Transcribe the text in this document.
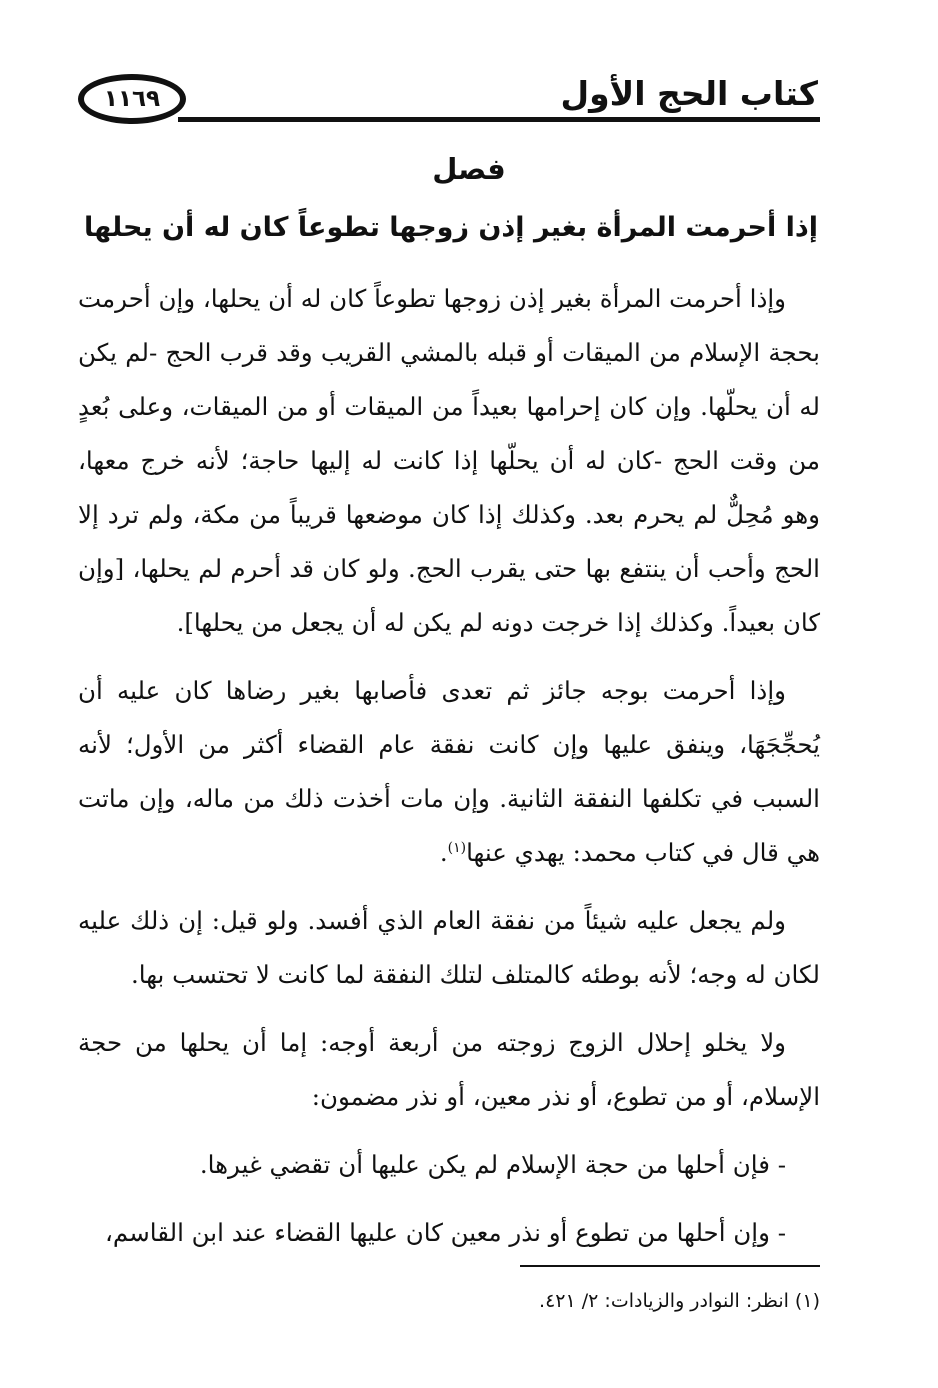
١١٦٩	كتاب الحج الأول
فصل
إذا أحرمت المرأة بغير إذن زوجها تطوعاً كان له أن يحلها

وإذا أحرمت المرأة بغير إذن زوجها تطوعاً كان له أن يحلها، وإن أحرمت بحجة الإسلام من الميقات أو قبله بالمشي القريب وقد قرب الحج -لم يكن له أن يحلّها. وإن كان إحرامها بعيداً من الميقات أو من الميقات، وعلى بُعدٍ من وقت الحج -كان له أن يحلّها إذا كانت له إليها حاجة؛ لأنه خرج معها، وهو مُحِلٌّ لم يحرم بعد. وكذلك إذا كان موضعها قريباً من مكة، ولم ترد إلا الحج وأحب أن ينتفع بها حتى يقرب الحج. ولو كان قد أحرم لم يحلها، [وإن كان بعيداً. وكذلك إذا خرجت دونه لم يكن له أن يجعل من يحلها].

وإذا أحرمت بوجه جائز ثم تعدى فأصابها بغير رضاها كان عليه أن يُحجِّجَهَا، وينفق عليها وإن كانت نفقة عام القضاء أكثر من الأول؛ لأنه السبب في تكلفها النفقة الثانية. وإن مات أخذت ذلك من ماله، وإن ماتت هي قال في كتاب محمد: يهدي عنها$^{(١)}$.

ولم يجعل عليه شيئاً من نفقة العام الذي أفسد. ولو قيل: إن ذلك عليه لكان له وجه؛ لأنه بوطئه كالمتلف لتلك النفقة لما كانت لا تحتسب بها.

ولا يخلو إحلال الزوج زوجته من أربعة أوجه: إما أن يحلها من حجة الإسلام، أو من تطوع، أو نذر معين، أو نذر مضمون:

- فإن أحلها من حجة الإسلام لم يكن عليها أن تقضي غيرها.

- وإن أحلها من تطوع أو نذر معين كان عليها القضاء عند ابن القاسم،

(١) انظر: النوادر والزيادات: ٢/ ٤٢١.
